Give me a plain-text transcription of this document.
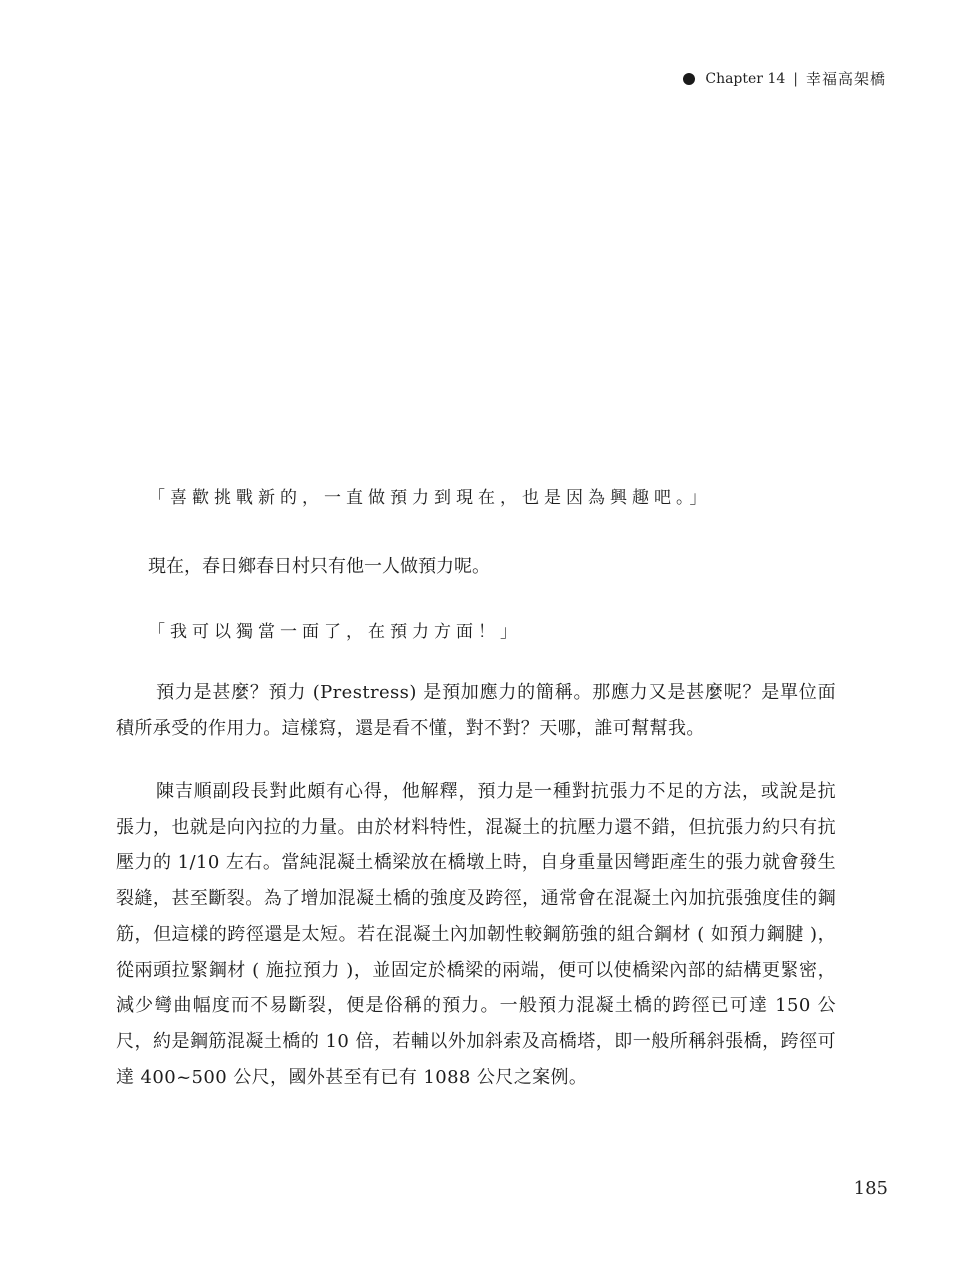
Chapter 14 | 幸福高架橋
「喜歡挑戰新的，一直做預力到現在，也是因為興趣吧。」
現在，春日鄉春日村只有他一人做預力呢。
「我可以獨當一面了，在預力方面！」

預力是甚麼？預力 (Prestress) 是預加應力的簡稱。那應力又是甚麼呢？是單位面積所承受的作用力。這樣寫，還是看不懂，對不對？天哪，誰可幫幫我。

陳吉順副段長對此頗有心得，他解釋，預力是一種對抗張力不足的方法，或說是抗張力，也就是向內拉的力量。由於材料特性，混凝土的抗壓力還不錯，但抗張力約只有抗壓力的 1/10 左右。當純混凝土橋梁放在橋墩上時，自身重量因彎距產生的張力就會發生裂縫，甚至斷裂。為了增加混凝土橋的強度及跨徑，通常會在混凝土內加抗張強度佳的鋼筋，但這樣的跨徑還是太短。若在混凝土內加韌性較鋼筋強的組合鋼材 ( 如預力鋼腱 )，從兩頭拉緊鋼材 ( 施拉預力 )，並固定於橋梁的兩端，便可以使橋梁內部的結構更緊密，減少彎曲幅度而不易斷裂，便是俗稱的預力。一般預力混凝土橋的跨徑已可達 150 公尺，約是鋼筋混凝土橋的 10 倍，若輔以外加斜索及高橋塔，即一般所稱斜張橋，跨徑可達 400~500 公尺，國外甚至有已有 1088 公尺之案例。

185
